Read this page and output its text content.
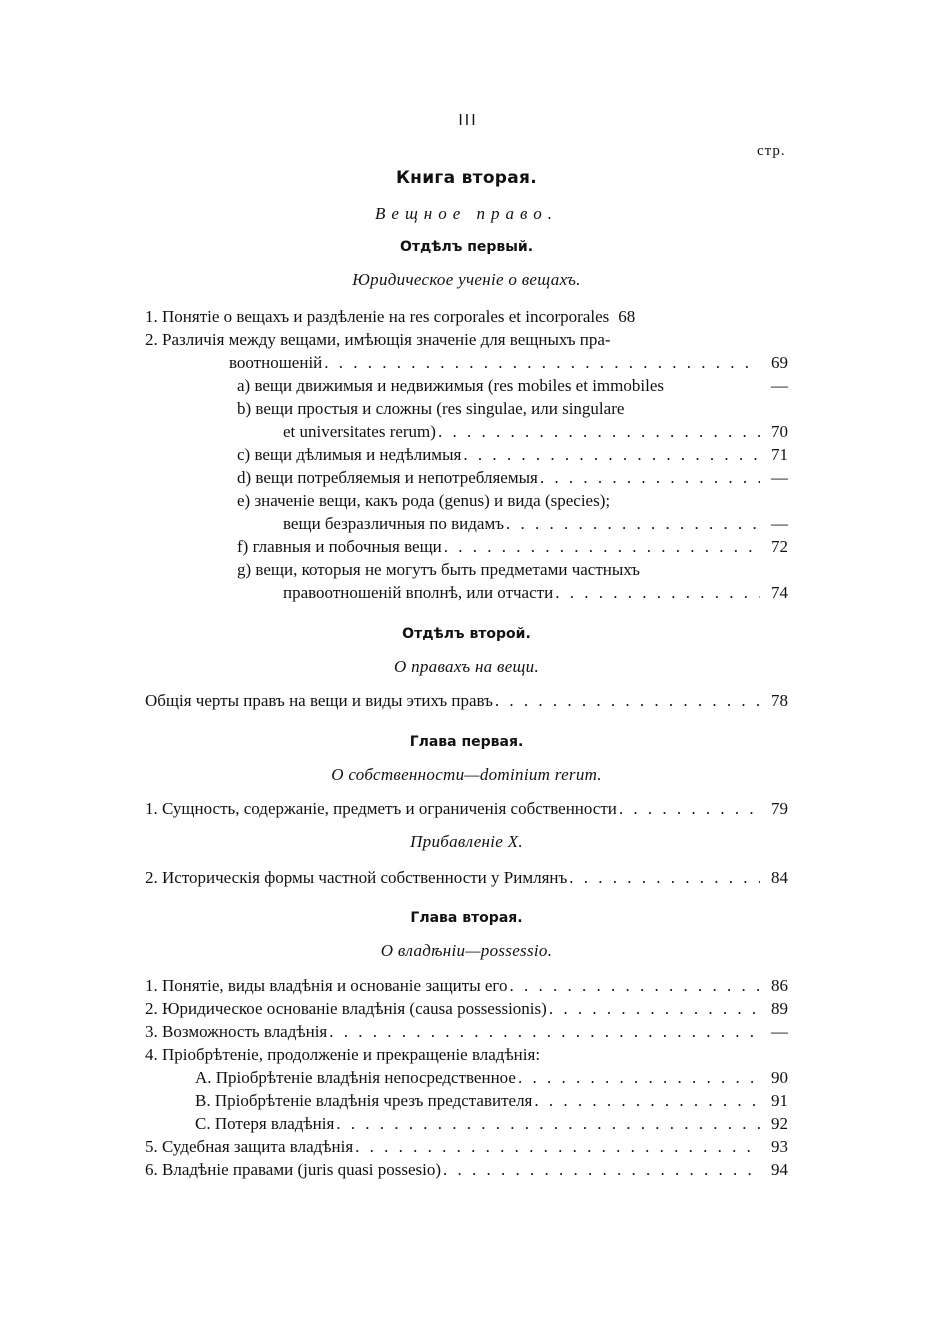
III
стр.
Книга вторая.
Вещное право.
Отдѣлъ первый.
Юридическое ученіе о вещахъ.
1. Понятіе о вещахъ и раздѣленіе на res corporales et incorporales 68
2. Различія между вещами, имѣющія значеніе для вещныхъ пра-
воотношеній . . .	69
a) вещи движимыя и недвижимыя (res mobiles et immobiles	—
b) вещи простыя и сложны (res singulae, или singulare
et universitates rerum) . . .	70
c) вещи дѣлимыя и недѣлимыя . . .	71
d) вещи потребляемыя и непотребляемыя . . .	—
e) значеніе вещи, какъ рода (genus) и вида (species);
вещи безразличныя по видамъ . . .	—
f) главныя и побочныя вещи . . .	72
g) вещи, которыя не могутъ быть предметами частныхъ
правоотношеній вполнѣ, или отчасти . . .	74
Отдѣлъ второй.
О правахъ на вещи.
Общія черты правъ на вещи и виды этихъ правъ . . .	78
Глава первая.
О собственности—dominium rerum.
1. Сущность, содержаніе, предметъ и ограниченія собственности . . .	79
Прибавленіе X.
2. Историческія формы частной собственности у Римлянъ . . .	84
Глава вторая.
О владѣніи—possessio.
1. Понятіе, виды владѣнія и основаніе защиты его . . .	86
2. Юридическое основаніе владѣнія (causa possessionis) . . .	89
3. Возможность владѣнія . . .	—
4. Пріобрѣтеніе, продолженіе и прекращеніе владѣнія:
A. Пріобрѣтеніе владѣнія непосредственное . . .	90
B. Пріобрѣтеніе владѣнія чрезъ представителя . . .	91
C. Потеря владѣнія . . .	92
5. Судебная защита владѣнія . . .	93
6. Владѣніе правами (juris quasi possesio) . . .	94
